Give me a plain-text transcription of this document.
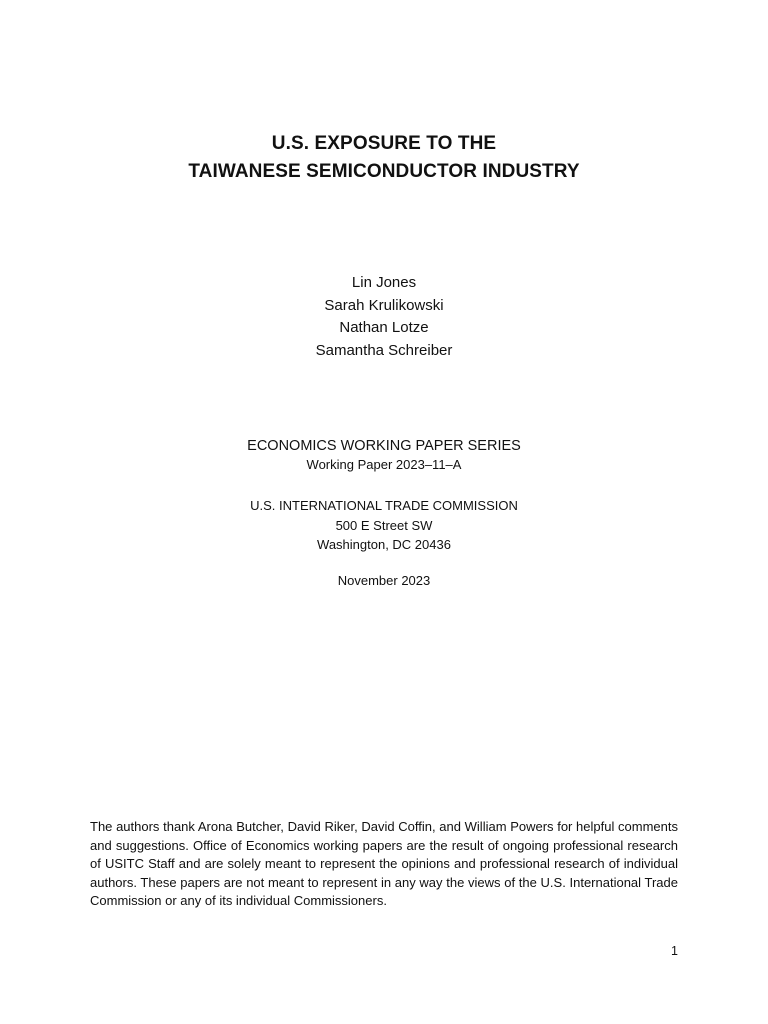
U.S. EXPOSURE TO THE
TAIWANESE SEMICONDUCTOR INDUSTRY
Lin Jones
Sarah Krulikowski
Nathan Lotze
Samantha Schreiber
ECONOMICS WORKING PAPER SERIES
Working Paper 2023–11–A
U.S. INTERNATIONAL TRADE COMMISSION
500 E Street SW
Washington, DC 20436
November 2023
The authors thank Arona Butcher, David Riker, David Coffin, and William Powers for helpful comments and suggestions. Office of Economics working papers are the result of ongoing professional research of USITC Staff and are solely meant to represent the opinions and professional research of individual authors. These papers are not meant to represent in any way the views of the U.S. International Trade Commission or any of its individual Commissioners.
1
